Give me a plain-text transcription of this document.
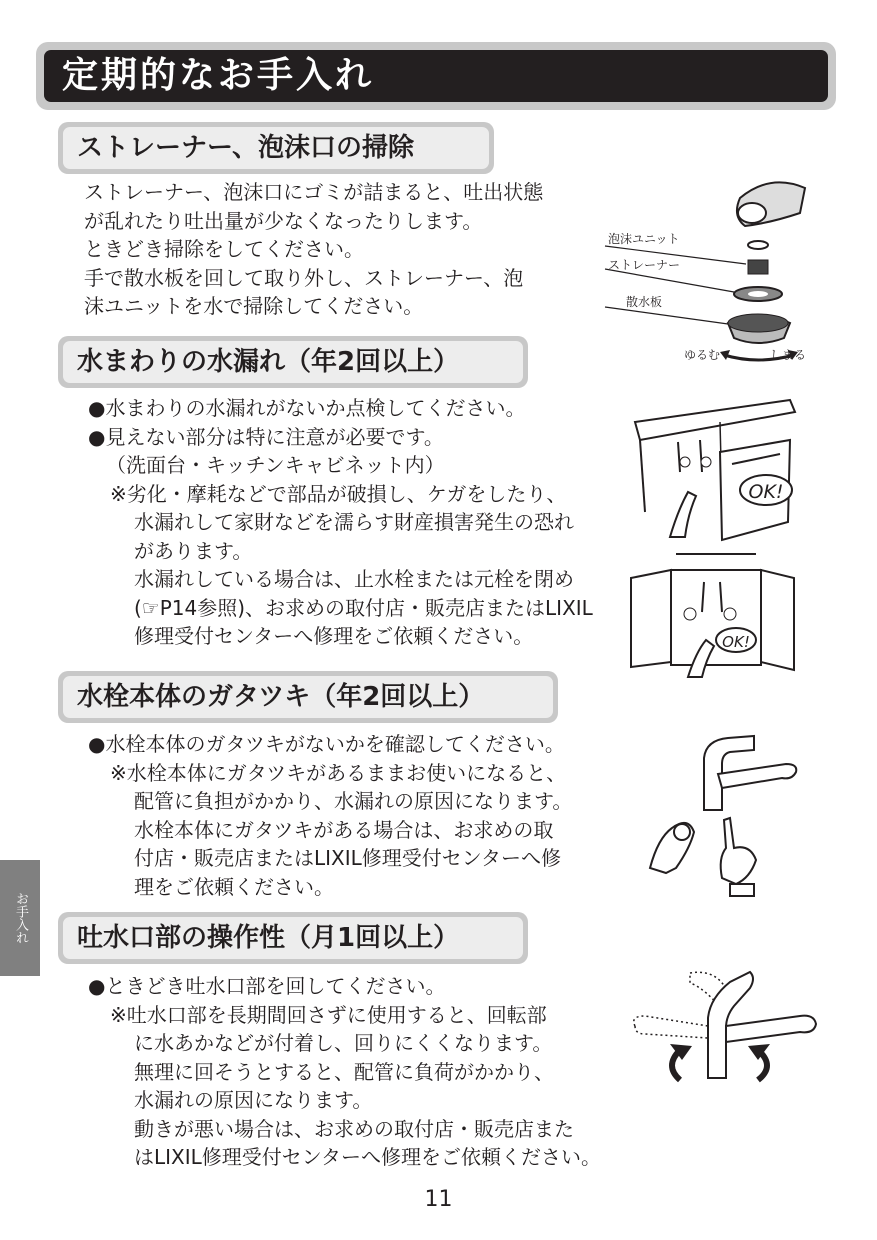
定期的なお手入れ
ストレーナー、泡沫口の掃除
ストレーナー、泡沫口にゴミが詰まると、吐出状態
が乱れたり吐出量が少なくなったりします。
ときどき掃除をしてください。
手で散水板を回して取り外し、ストレーナー、泡
沫ユニットを水で掃除してください。
水まわりの水漏れ（年2回以上）
●水まわりの水漏れがないか点検してください。
●見えない部分は特に注意が必要です。
（洗面台・キッチンキャビネット内）
※劣化・摩耗などで部品が破損し、ケガをしたり、
水漏れして家財などを濡らす財産損害発生の恐れ
があります。
水漏れしている場合は、止水栓または元栓を閉め
(☞P14参照)、お求めの取付店・販売店またはLIXIL
修理受付センターへ修理をご依頼ください。
水栓本体のガタツキ（年2回以上）
●水栓本体のガタツキがないかを確認してください。
※水栓本体にガタツキがあるままお使いになると、
配管に負担がかかり、水漏れの原因になります。
水栓本体にガタツキがある場合は、お求めの取
付店・販売店またはLIXIL修理受付センターへ修
理をご依頼ください。
吐水口部の操作性（月1回以上）
●ときどき吐水口部を回してください。
※吐水口部を長期間回さずに使用すると、回転部
に水あかなどが付着し、回りにくくなります。
無理に回そうとすると、配管に負荷がかかり、
水漏れの原因になります。
動きが悪い場合は、お求めの取付店・販売店また
はLIXIL修理受付センターへ修理をご依頼ください。
泡沫ユニット
ストレーナー
散水板
ゆるむ	しまる
OK!
OK!
お手入れ
11
